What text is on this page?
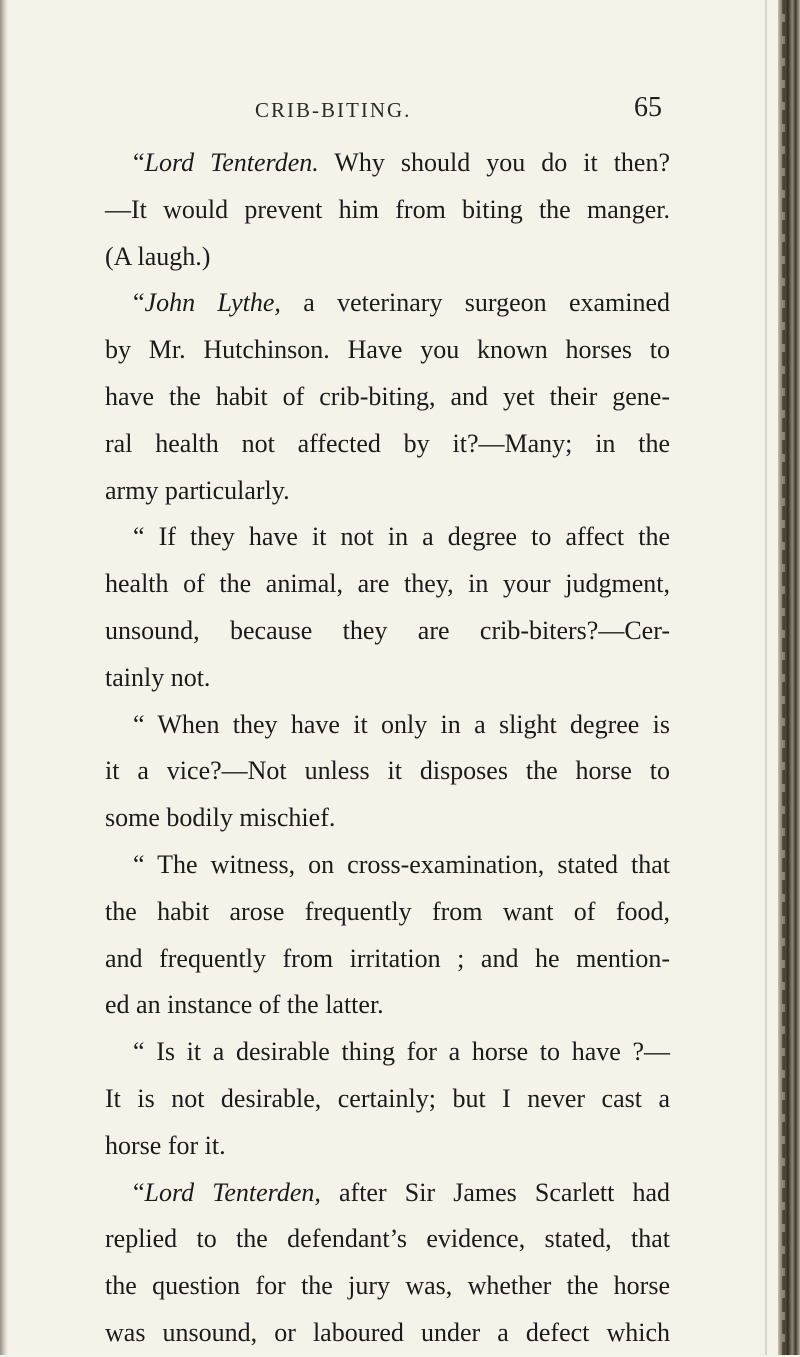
CRIB-BITING.	65
“Lord Tenterden. Why should you do it then?
—It would prevent him from biting the manger.
(A laugh.)
“John Lythe, a veterinary surgeon examined
by Mr. Hutchinson. Have you known horses to
have the habit of crib-biting, and yet their gene-
ral health not affected by it?—Many; in the
army particularly.
“ If they have it not in a degree to affect the
health of the animal, are they, in your judgment,
unsound, because they are crib-biters?—Cer-
tainly not.
“ When they have it only in a slight degree is
it a vice?—Not unless it disposes the horse to
some bodily mischief.
“ The witness, on cross-examination, stated that
the habit arose frequently from want of food,
and frequently from irritation ; and he mention-
ed an instance of the latter.
“ Is it a desirable thing for a horse to have ?—
It is not desirable, certainly; but I never cast a
horse for it.
“Lord Tenterden, after Sir James Scarlett had
replied to the defendant’s evidence, stated, that
the question for the jury was, whether the horse
was unsound, or laboured under a defect which
